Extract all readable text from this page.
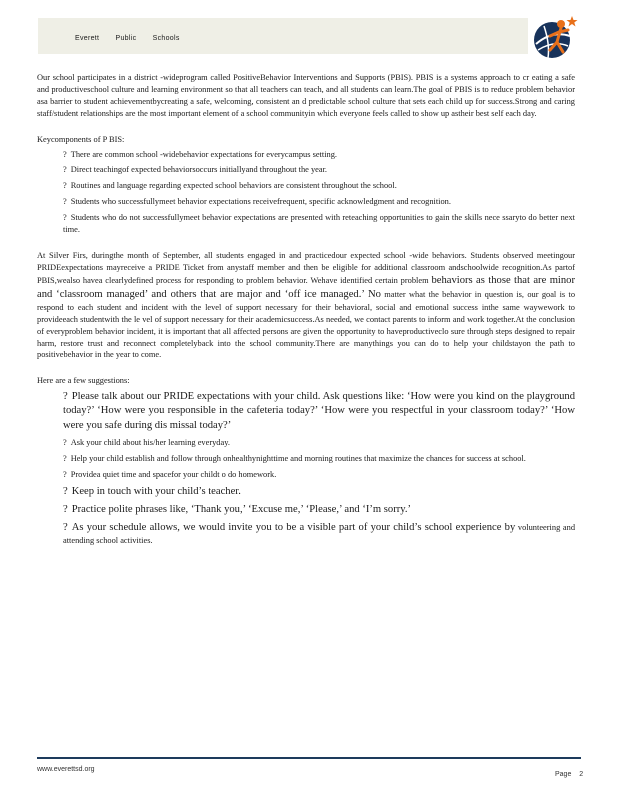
Everett Public Schools

Our school participates in a district -wideprogram called PositiveBehavior Interventions and Supports (PBIS). PBIS is a systems approach to cr eating a safe and productiveschool culture and learning environment so that all teachers can teach, and all students can learn.The goal of PBIS is to reduce problem behavior asa barrier to student achievementbycreating a safe, welcoming, consistent an d predictable school culture that sets each child up for success.Strong and caring staff/student relationships are the most important element of a school communityin which everyone feels called to show up astheir best self each day.

Keycomponents of P BIS:
? There are common school -widebehavior expectations for everycampus setting.
? Direct teachingof expected behaviorsoccurs initiallyand throughout the year.
? Routines and language regarding expected school behaviors are consistent throughout the school.
? Students who successfullymeet behavior expectations receivefrequent, specific acknowledgment and recognition.
? Students who do not successfullymeet behavior expectations are presented with reteaching opportunities to gain the skills nece ssaryto do better next time.

At Silver Firs, duringthe month of September, all students engaged in and practicedour expected school -wide behaviors. Students observed meetingour PRIDEexpectations mayreceive a PRIDE Ticket from anystaff member and then be eligible for additional classroom andschoolwide recognition.As partof PBIS,wealso havea clearlydefined process for responding to problem behavior. Wehave identified certain problem behaviors as those that are minor and ‘classroom managed’ and others that are major and ‘off ice managed.’ No matter what the behavior in question is, our goal is to respond to each student and incident with the level of support necessary for their behavioral, social and emotional success inthe same waywework to provideeach studentwith the le vel of support necessary for their academicsuccess.As needed, we contact parents to inform and work together.At the conclusion of everyproblem behavior incident, it is important that all affected persons are given the opportunity to haveproductiveclo sure through steps designed to repair harm, restore trust and reconnect completelyback into the school community.There are manythings you can do to help your childstayon the path to positivebehavior in the year to come.

Here are a few suggestions:
? Please talk about our PRIDE expectations with your child. Ask questions like: ‘How were you kind on the playground today?’ ‘How were you responsible in the cafeteria today?’ ‘How were you respectful in your classroom today?’ ‘How were you safe during dis missal today?’
? Ask your child about his/her learning everyday.
? Help your child establish and follow through onhealthynighttime and morning routines that maximize the chances for success at school.
? Providea quiet time and spacefor your childt o do homework.
? Keep in touch with your child’s teacher.
? Practice polite phrases like, ‘Thank you,’ ‘Excuse me,’ ‘Please,’ and ‘I’m sorry.’
? As your schedule allows, we would invite you to be a visible part of your child’s school experience by volunteering and attending school activities.
www.everettsd.org
Page 2
